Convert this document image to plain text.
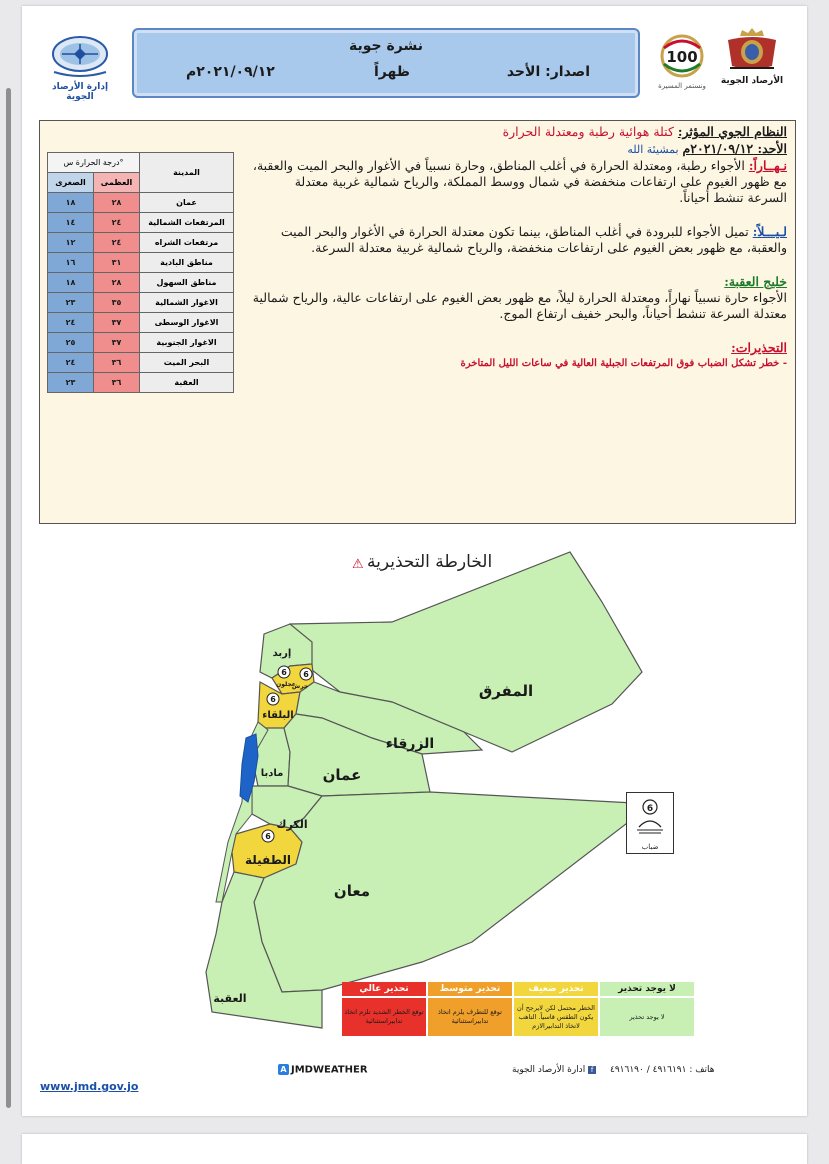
إدارة الأرصاد الجوية
نشرة جوية
اصدار: الأحد
ظهراً
٢٠٢١/٠٩/١٢م
100
ونستمر المسيرة	الأرصاد الجوية
درجة الحرارة س°		المدينة
الصغرى	العظمى	
١٨	٢٨	عمان
١٤	٢٤	المرتفعات الشمالية
١٢	٢٤	مرتفعات الشراه
١٦	٣١	مناطق البادية
١٨	٢٨	مناطق السهول
٢٣	٣٥	الاغوار الشمالية
٢٤	٣٧	الاغوار الوسطى
٢٥	٣٧	الاغوار الجنوبية
٢٤	٣٦	البحر الميت
٢٣	٣٦	العقبة

النظام الجوي المؤثر: كتلة هوائية رطبة ومعتدلة الحرارة

الأحد: ٢٠٢١/٠٩/١٢م بمشيئة الله

نـهــاراً: الأجواء رطبة، ومعتدلة الحرارة في أغلب المناطق، وحارة نسبياً في الأغوار والبحر الميت والعقبة، مع ظهور الغيوم على ارتفاعات منخفضة في شمال ووسط المملكة، والرياح شمالية غربية معتدلة السرعة تنشط أحياناً.

لـيـــلاً: تميل الأجواء للبرودة في أغلب المناطق، بينما تكون معتدلة الحرارة في الأغوار والبحر الميت والعقبة، مع ظهور بعض الغيوم على ارتفاعات منخفضة، والرياح شمالية غربية معتدلة السرعة.

خليج العقبة:
الأجواء حارة نسبياً نهاراً، ومعتدلة الحرارة ليلاً، مع ظهور بعض الغيوم على ارتفاعات عالية، والرياح شمالية معتدلة السرعة تنشط أحياناً، والبحر خفيف ارتفاع الموج.

التحذيرات:

- خطر تشكل الضباب فوق المرتفعات الجبلية العالية في ساعات الليل المتاخرة

الخارطة التحذيرية
⚠
6 6
6
6
المفرق
الزرقاء
عمان
إربد
عجلون
جرش
البلقاء
مادبا
الكرك
الطفيلة
معان
العقبة
6
ضباب
تحذير عالي	تحذير متوسط	تحذير ضعيف	لا يوجد تحذير
توقع الخطر الشديد تلزم اتخاذ تدابيراستثنائية
توقع للتطرف يلزم اتخاذ تدابيراستثنائية
الخطر محتمل لكن لايرجح أن يكون الطقس قاسياً. التاهب لاتخاذ التدابيرالازم
لا يوجد تحذير
A JMDWEATHER	f ادارة الأرصاد الجوية	هاتف : ٤٩١٦١٩١ / ٤٩١٦١٩٠
www.jmd.gov.jo
